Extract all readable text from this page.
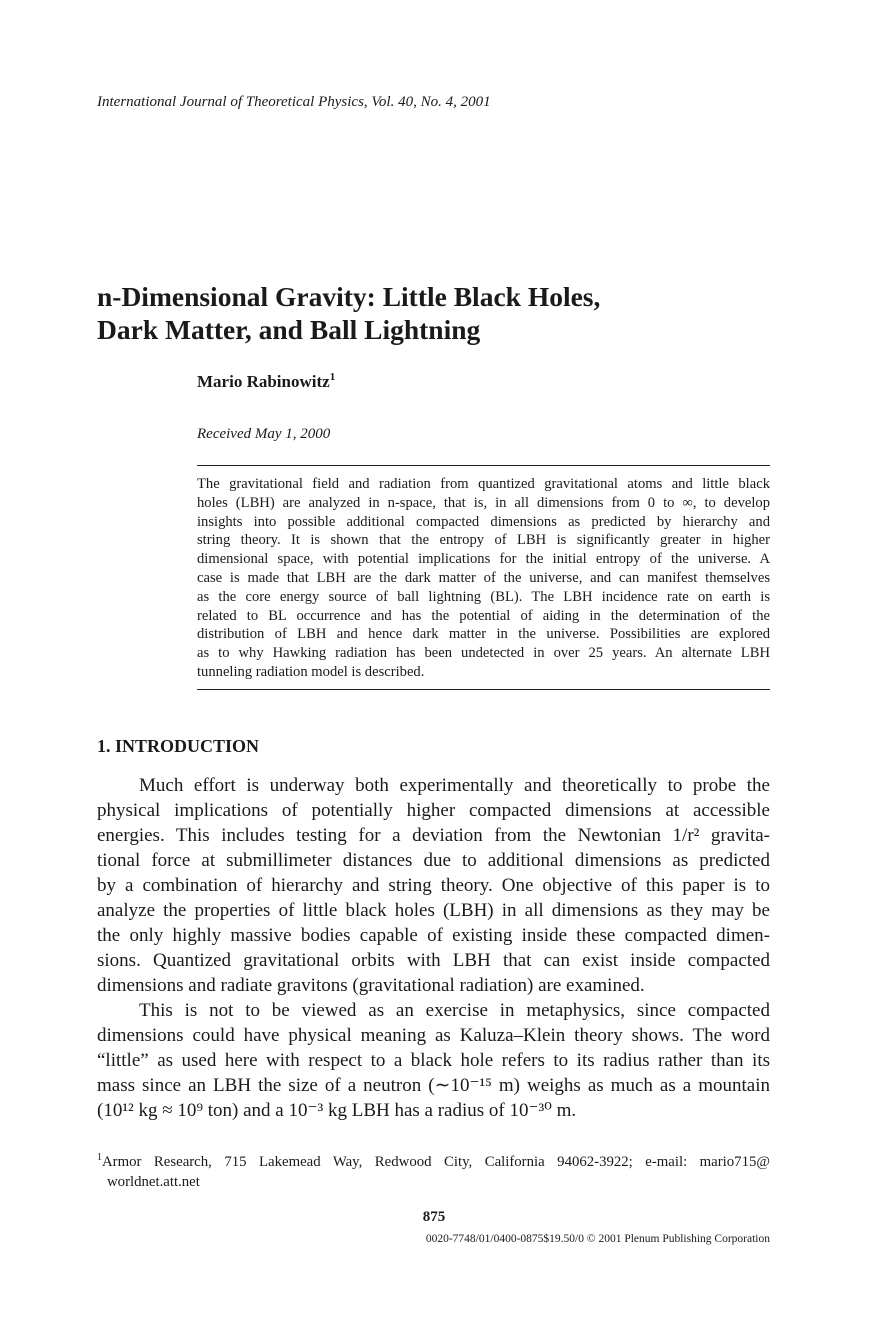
International Journal of Theoretical Physics, Vol. 40, No. 4, 2001
n-Dimensional Gravity: Little Black Holes,
Dark Matter, and Ball Lightning
Mario Rabinowitz$^1$
Received May 1, 2000
The gravitational field and radiation from quantized gravitational atoms and little black
holes (LBH) are analyzed in n-space, that is, in all dimensions from 0 to ∞, to develop
insights into possible additional compacted dimensions as predicted by hierarchy and
string theory. It is shown that the entropy of LBH is significantly greater in higher
dimensional space, with potential implications for the initial entropy of the universe. A
case is made that LBH are the dark matter of the universe, and can manifest themselves
as the core energy source of ball lightning (BL). The LBH incidence rate on earth is
related to BL occurrence and has the potential of aiding in the determination of the
distribution of LBH and hence dark matter in the universe. Possibilities are explored
as to why Hawking radiation has been undetected in over 25 years. An alternate LBH
tunneling radiation model is described.
1. INTRODUCTION
Much effort is underway both experimentally and theoretically to probe the
physical implications of potentially higher compacted dimensions at accessible
energies. This includes testing for a deviation from the Newtonian 1/r² gravita-
tional force at submillimeter distances due to additional dimensions as predicted
by a combination of hierarchy and string theory. One objective of this paper is to
analyze the properties of little black holes (LBH) in all dimensions as they may be
the only highly massive bodies capable of existing inside these compacted dimen-
sions. Quantized gravitational orbits with LBH that can exist inside compacted
dimensions and radiate gravitons (gravitational radiation) are examined.
This is not to be viewed as an exercise in metaphysics, since compacted
dimensions could have physical meaning as Kaluza–Klein theory shows. The word
“little” as used here with respect to a black hole refers to its radius rather than its
mass since an LBH the size of a neutron (∼10⁻¹⁵ m) weighs as much as a mountain
(10¹² kg ≈ 10⁹ ton) and a 10⁻³ kg LBH has a radius of 10⁻³⁰ m.
$^1$Armor Research, 715 Lakemead Way, Redwood City, California 94062-3922; e-mail: mario715@
worldnet.att.net
875
0020-7748/01/0400-0875$19.50/0 © 2001 Plenum Publishing Corporation
